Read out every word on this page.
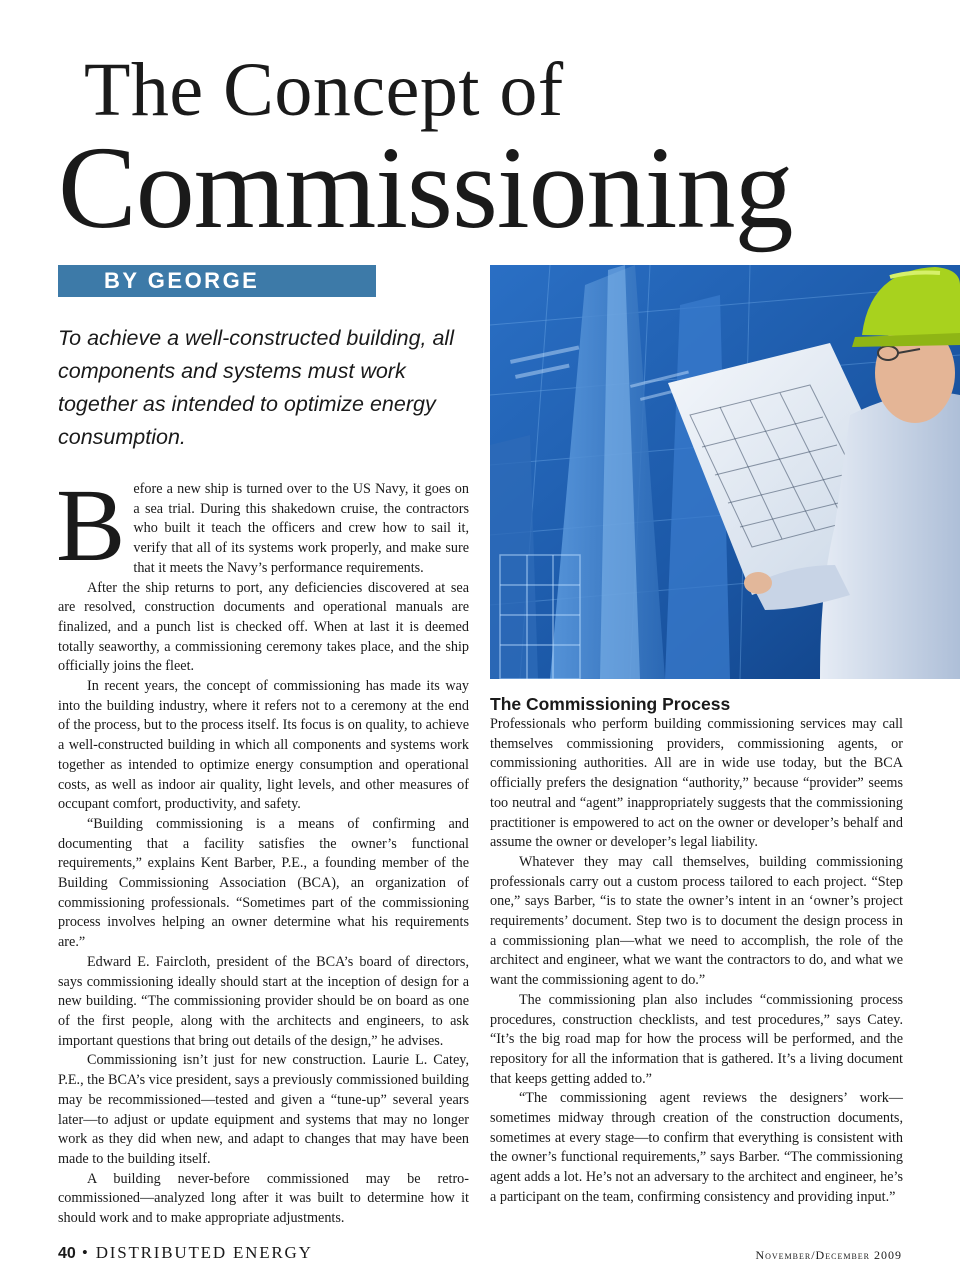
The Concept of
Commissioning
BY GEORGE LEPOSKY

To achieve a well-constructed building, all components and systems must work together as intended to optimize energy consumption.

Before a new ship is turned over to the US Navy, it goes on a sea trial. During this shakedown cruise, the contractors who built it teach the officers and crew how to sail it, verify that all of its systems work properly, and make sure that it meets the Navy’s performance requirements.

After the ship returns to port, any deficiencies discovered at sea are resolved, construction documents and operational manuals are finalized, and a punch list is checked off. When at last it is deemed totally seaworthy, a commissioning ceremony takes place, and the ship officially joins the fleet.

In recent years, the concept of commissioning has made its way into the building industry, where it refers not to a ceremony at the end of the process, but to the process itself. Its focus is on quality, to achieve a well-constructed building in which all components and systems work together as intended to optimize energy consumption and operational costs, as well as indoor air quality, light levels, and other measures of occupant comfort, productivity, and safety.

“Building commissioning is a means of confirming and documenting that a facility satisfies the owner’s functional requirements,” explains Kent Barber, P.E., a founding member of the Building Commissioning Association (BCA), an organization of commissioning professionals. “Sometimes part of the commissioning process involves helping an owner determine what his requirements are.”

Edward E. Faircloth, president of the BCA’s board of directors, says commissioning ideally should start at the inception of design for a new building. “The commissioning provider should be on board as one of the first people, along with the architects and engineers, to ask important questions that bring out details of the design,” he advises.

Commissioning isn’t just for new construction. Laurie L. Catey, P.E., the BCA’s vice president, says a previously commissioned building may be recommissioned—tested and given a “tune-up” several years later—to adjust or update equipment and systems that may no longer work as they did when new, and adapt to changes that may have been made to the building itself.

A building never-before commissioned may be retro-commissioned—analyzed long after it was built to determine how it should work and to make appropriate adjustments.

The Commissioning Process

Professionals who perform building commissioning services may call themselves commissioning providers, commissioning agents, or commissioning authorities. All are in wide use today, but the BCA officially prefers the designation “authority,” because “provider” seems too neutral and “agent” inappropriately suggests that the commissioning practitioner is empowered to act on the owner or developer’s behalf and assume the owner or developer’s legal liability.

Whatever they may call themselves, building commissioning professionals carry out a custom process tailored to each project. “Step one,” says Barber, “is to state the owner’s intent in an ‘owner’s project requirements’ document. Step two is to document the design process in a commissioning plan—what we need to accomplish, the role of the architect and engineer, what we want the contractors to do, and what we want the commissioning agent to do.”

The commissioning plan also includes “commissioning process procedures, construction checklists, and test procedures,” says Catey. “It’s the big road map for how the process will be performed, and the repository for all the information that is gathered. It’s a living document that keeps getting added to.”

“The commissioning agent reviews the designers’ work—sometimes midway through creation of the construction documents, sometimes at every stage—to confirm that everything is consistent with the owner’s functional requirements,” says Barber. “The commissioning agent adds a lot. He’s not an adversary to the architect and engineer, he’s a participant on the team, confirming consistency and providing input.”

40 • DISTRIBUTED ENERGY	November/December 2009
